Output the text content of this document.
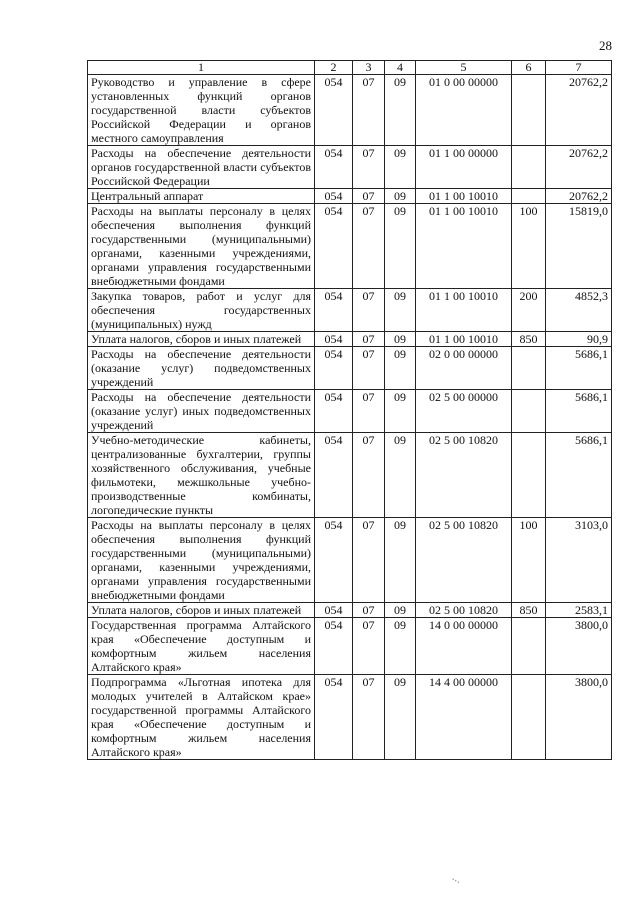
28
1	2	3	4	5	6	7
Руководство и управление в сфере установленных функций органов государственной власти субъектов Российской Федерации и органов местного самоуправления	054	07	09	01 0 00 00000		20762,2
Расходы на обеспечение деятельности органов государственной власти субъектов Российской Федерации	054	07	09	01 1 00 00000		20762,2
Центральный аппарат	054	07	09	01 1 00 10010		20762,2
Расходы на выплаты персоналу в целях обеспечения выполнения функций государственными (муниципальными) органами, казенными учреждениями, органами управления государственными внебюджетными фондами	054	07	09	01 1 00 10010	100	15819,0
Закупка товаров, работ и услуг для обеспечения государственных (муниципальных) нужд	054	07	09	01 1 00 10010	200	4852,3
Уплата налогов, сборов и иных платежей	054	07	09	01 1 00 10010	850	90,9
Расходы на обеспечение деятельности (оказание услуг) подведомственных учреждений	054	07	09	02 0 00 00000		5686,1
Расходы на обеспечение деятельности (оказание услуг) иных подведомственных учреждений	054	07	09	02 5 00 00000		5686,1
Учебно-методические кабинеты, централизованные бухгалтерии, группы хозяйственного обслуживания, учебные фильмотеки, межшкольные учебно-производственные комбинаты, логопедические пункты	054	07	09	02 5 00 10820		5686,1
Расходы на выплаты персоналу в целях обеспечения выполнения функций государственными (муниципальными) органами, казенными учреждениями, органами управления государственными внебюджетными фондами	054	07	09	02 5 00 10820	100	3103,0
Уплата налогов, сборов и иных платежей	054	07	09	02 5 00 10820	850	2583,1
Государственная программа Алтайского края «Обеспечение доступным и комфортным жильем населения Алтайского края»	054	07	09	14 0 00 00000		3800,0
Подпрограмма «Льготная ипотека для молодых учителей в Алтайском крае» государственной программы Алтайского края «Обеспечение доступным и комфортным жильем населения Алтайского края»	054	07	09	14 4 00 00000		3800,0
⸳⸳⸳
